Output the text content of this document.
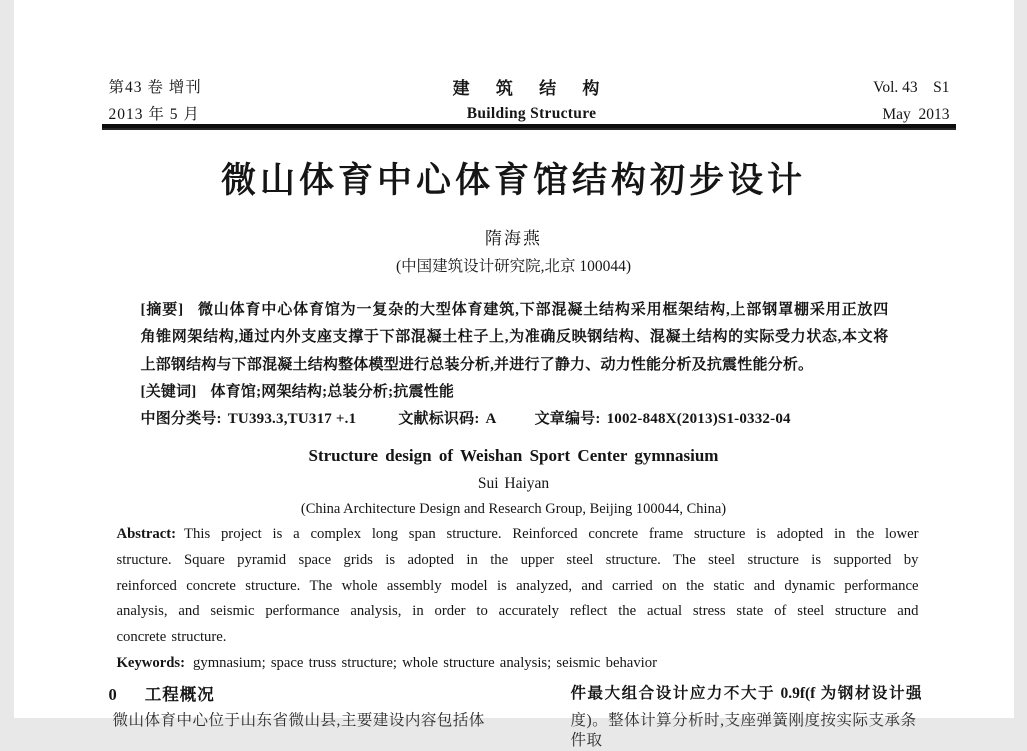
第43 卷 增刊
2013 年 5 月
建 筑 结 构
Building Structure
Vol. 43    S1
May  2013
微山体育中心体育馆结构初步设计
隋海燕
(中国建筑设计研究院,北京 100044)
[摘要] 微山体育中心体育馆为一复杂的大型体育建筑,下部混凝土结构采用框架结构,上部钢罩棚采用正放四
角锥网架结构,通过内外支座支撑于下部混凝土柱子上,为准确反映钢结构、混凝土结构的实际受力状态,本文将
上部钢结构与下部混凝土结构整体模型进行总装分析,并进行了静力、动力性能分析及抗震性能分析。
[关键词] 体育馆;网架结构;总装分析;抗震性能
中图分类号: TU393.3,TU317 +.1	文献标识码: A	文章编号: 1002-848X(2013)S1-0332-04
Structure design of Weishan Sport Center gymnasium
Sui Haiyan
(China Architecture Design and Research Group, Beijing 100044, China)
Abstract: This project is a complex long span structure. Reinforced concrete frame structure is adopted in the lower
structure. Square pyramid space grids is adopted in the upper steel structure. The steel structure is supported by
reinforced concrete structure. The whole assembly model is analyzed, and carried on the static and dynamic performance
analysis, and seismic performance analysis, in order to accurately reflect the actual stress state of steel structure and
concrete structure.
Keywords: gymnasium; space truss structure; whole structure analysis; seismic behavior
0 工程概况	件最大组合设计应力不大于 0.9f(f 为钢材设计强
微山体育中心位于山东省微山县,主要建设内容包括体	度)。整体计算分析时,支座弹簧刚度按实际支承条件取
